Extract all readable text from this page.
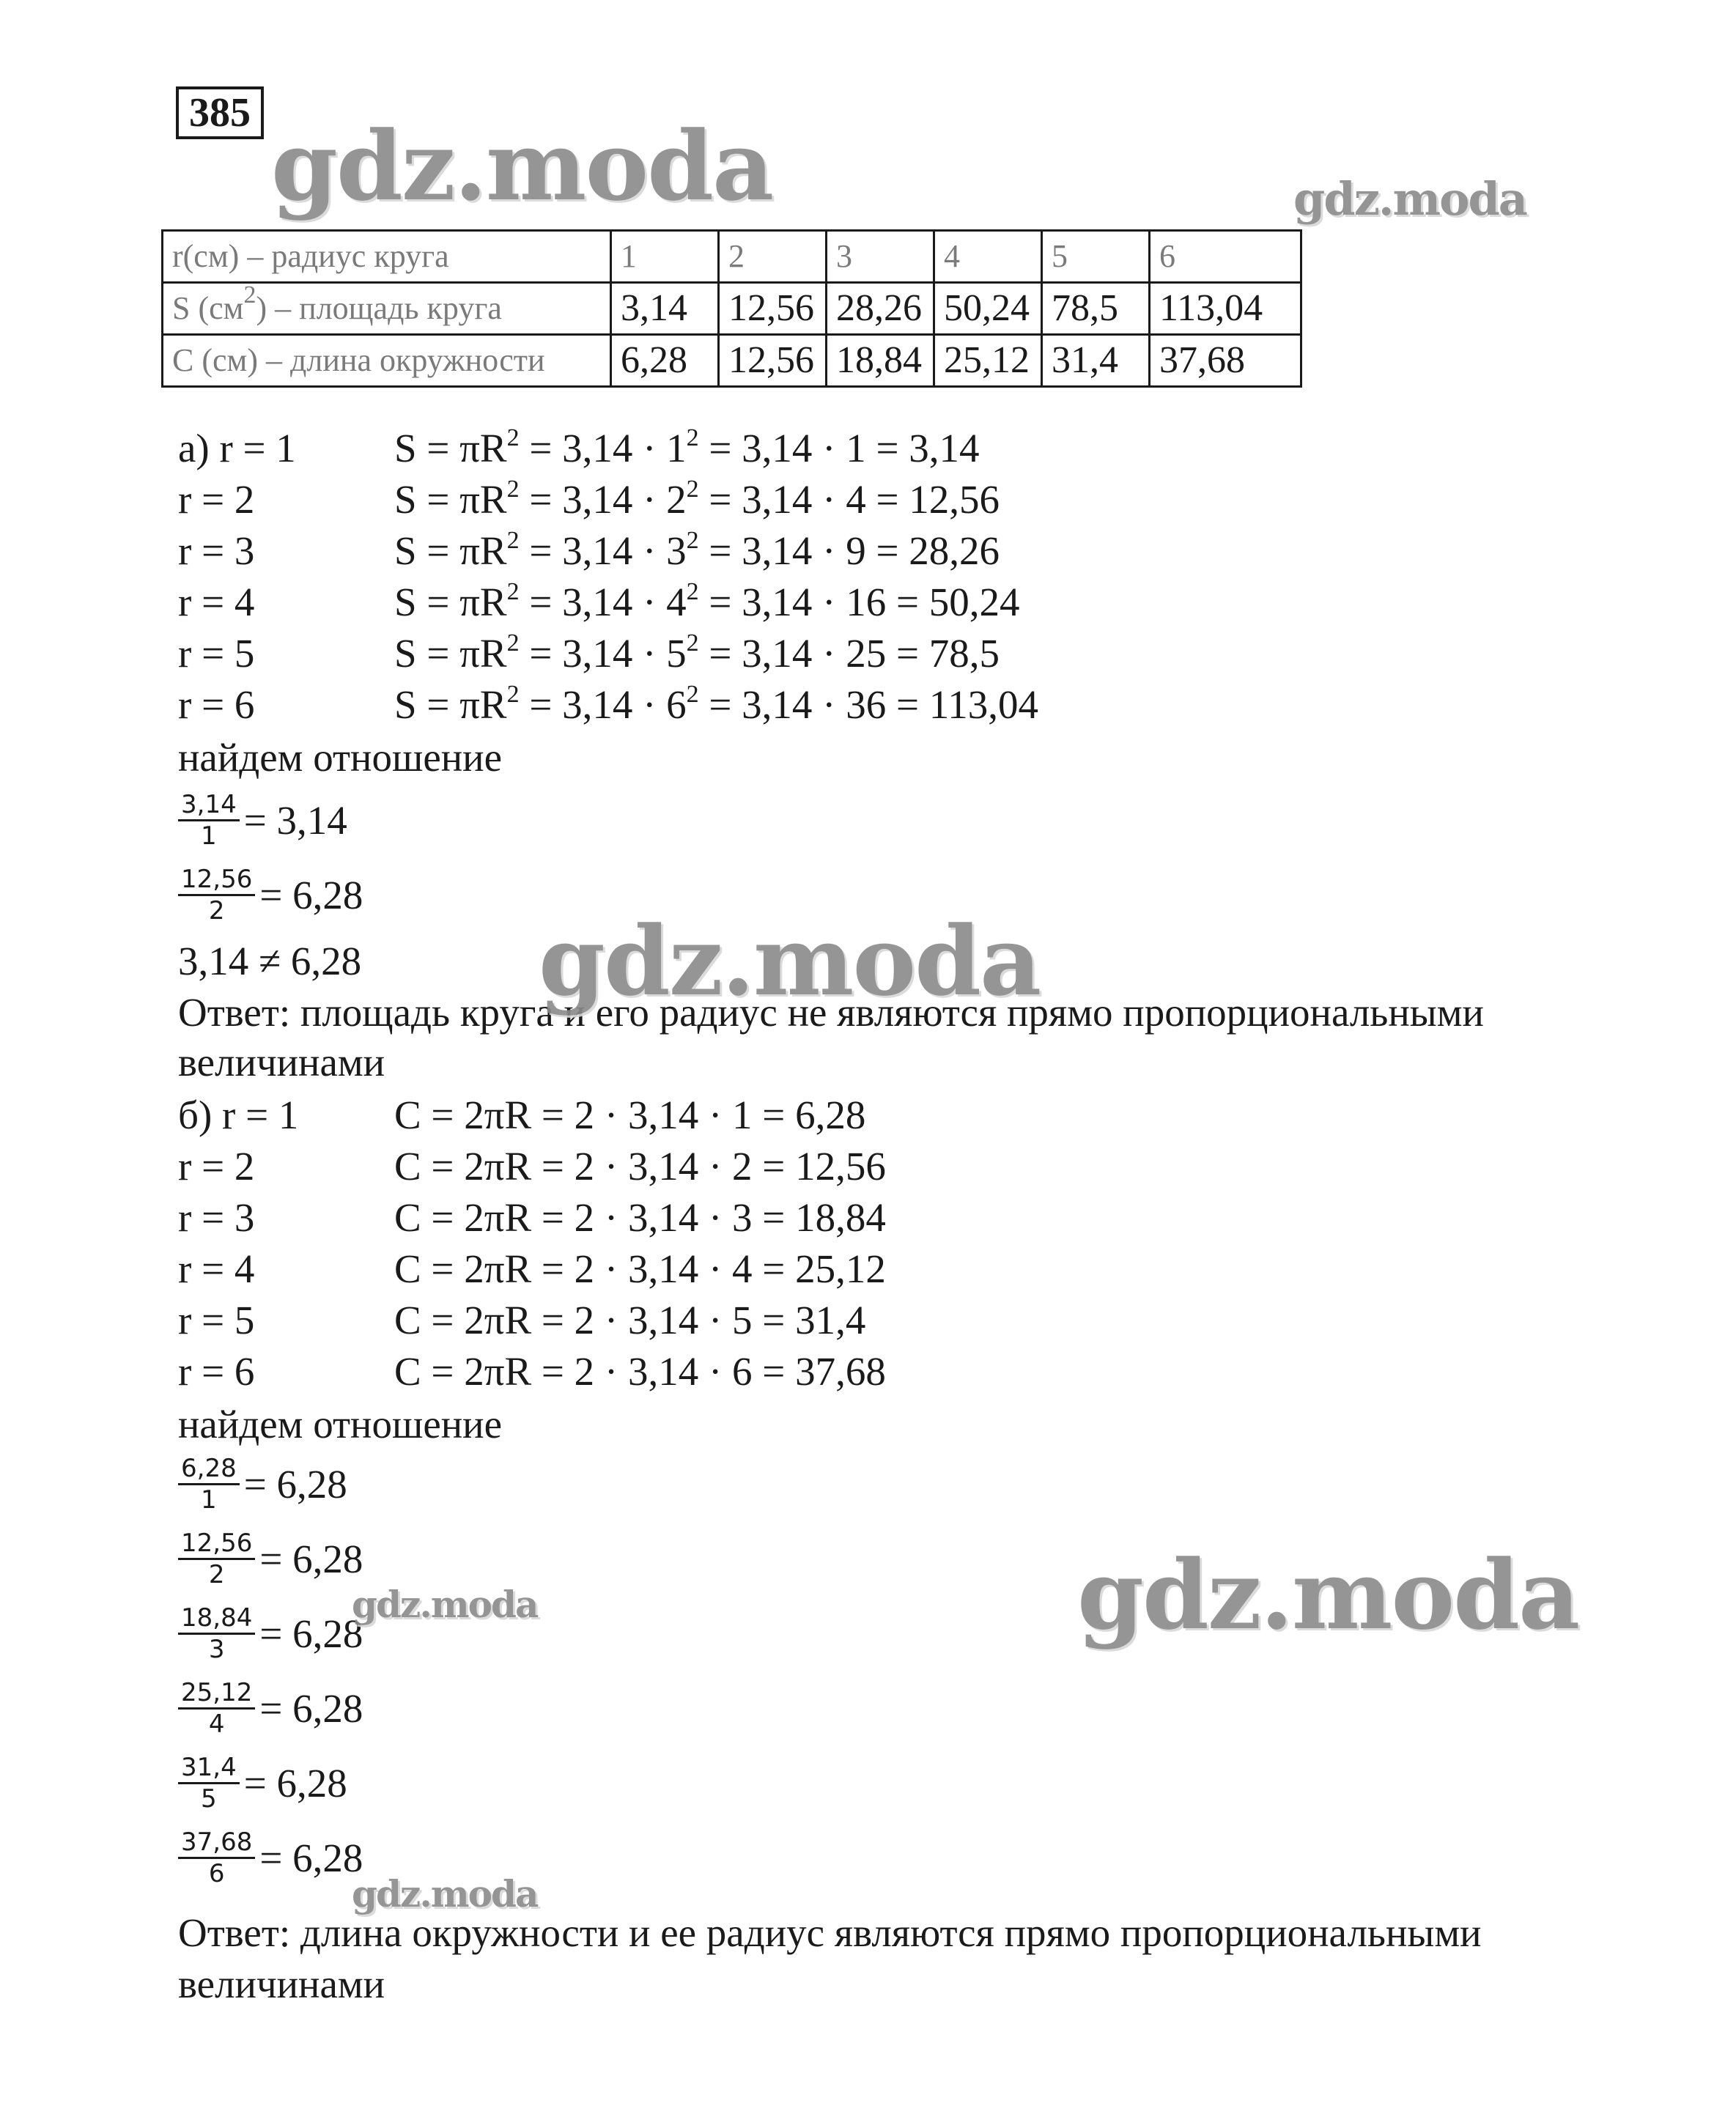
385 gdz.moda	gdz.moda
r(см) – радиус круга	1	2	3	4	5	6
S $(см^2)$ – площадь круга	3,14	12,56	28,26	50,24	78,5	113,04
C (см) – длина окружности	6,28	12,56	18,84	25,12	31,4	37,68
а) r = 1 $S = \pi R^2 = 3,14 \cdot 1^2 = 3,14 \cdot 1 = 3,14$
r = 2	$S = \pi R^2 = 3,14 \cdot 2^2 = 3,14 \cdot 4 = 12,56$
r = 3	$S = \pi R^2 = 3,14 \cdot 3^2 = 3,14 \cdot 9 = 28,26$
r = 4	$S = \pi R^2 = 3,14 \cdot 4^2 = 3,14 \cdot 16 = 50,24$
r = 5	$S = \pi R^2 = 3,14 \cdot 5^2 = 3,14 \cdot 25 = 78,5$
r = 6	$S = \pi R^2 = 3,14 \cdot 6^2 = 3,14 \cdot 36 = 113,04$
найдем отношение
$\frac{3,14}{1} = 3,14$
$\frac{12,56}{2} = 6,28$
3,14 ≠ 6,28
Ответ: площадь круга и его радиус не являются прямо пропорциональными
величинами
gdz.moda
б) r = 1 C = 2πR = 2 · 3,14 · 1 = 6,28
r = 2	C = 2πR = 2 · 3,14 · 2 = 12,56
r = 3	C = 2πR = 2 · 3,14 · 3 = 18,84
r = 4	C = 2πR = 2 · 3,14 · 4 = 25,12
r = 5	C = 2πR = 2 · 3,14 · 5 = 31,4
r = 6	C = 2πR = 2 · 3,14 · 6 = 37,68
найдем отношение
$\frac{6,28}{1} = 6,28$
$\frac{12,56}{2} = 6,28$
$\frac{18,84}{3} = 6,28$
$\frac{25,12}{4} = 6,28$
$\frac{31,4}{5} = 6,28$
$\frac{37,68}{6} = 6,28$
Ответ: длина окружности и ее радиус являются прямо пропорциональными
величинами
gdz.moda
gdz.moda
gdz.moda
